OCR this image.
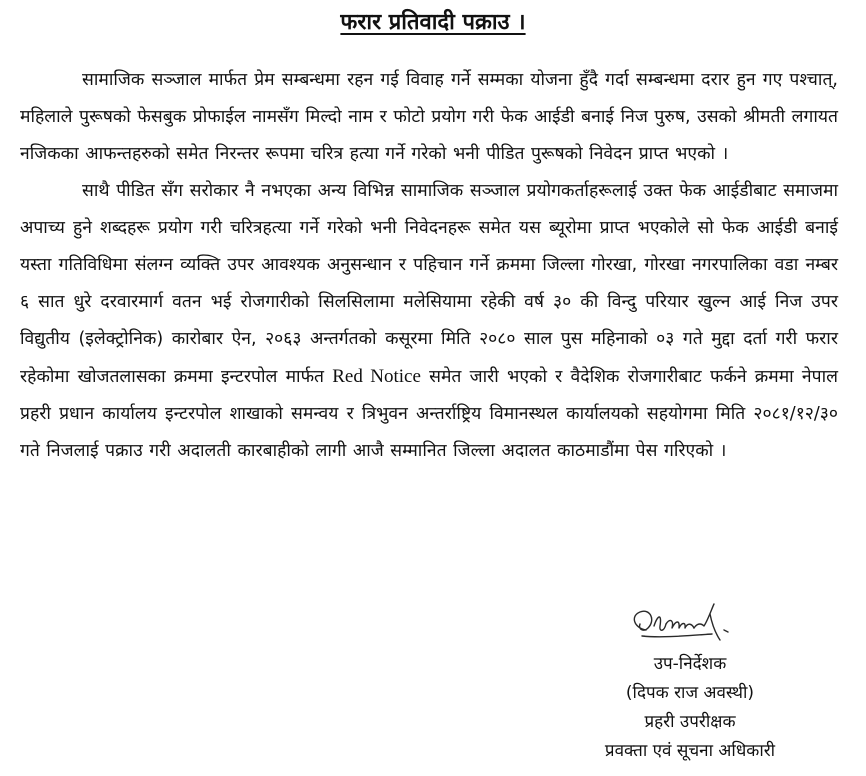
फरार प्रतिवादी पक्राउ ।

सामाजिक सञ्जाल मार्फत प्रेम सम्बन्धमा रहन गई विवाह गर्ने सम्मका योजना हुँदै गर्दा सम्बन्धमा दरार हुन गए पश्चात्, महिलाले पुरूषको फेसबुक प्रोफाईल नामसँग मिल्दो नाम र फोटो प्रयोग गरी फेक आईडी बनाई निज पुरुष, उसको श्रीमती लगायत नजिकका आफन्तहरुको समेत निरन्तर रूपमा चरित्र हत्या गर्ने गरेको भनी पीडित पुरूषको निवेदन प्राप्त भएको ।

साथै पीडित सँग सरोकार नै नभएका अन्य विभिन्न सामाजिक सञ्जाल प्रयोगकर्ताहरूलाई उक्त फेक आईडीबाट समाजमा अपाच्य हुने शब्दहरू प्रयोग गरी चरित्रहत्या गर्ने गरेको भनी निवेदनहरू समेत यस ब्यूरोमा प्राप्त भएकोले सो फेक आईडी बनाई यस्ता गतिविधिमा संलग्न व्यक्ति उपर आवश्यक अनुसन्धान र पहिचान गर्ने क्रममा जिल्ला गोरखा, गोरखा नगरपालिका वडा नम्बर ६ सात धुरे दरवारमार्ग वतन भई रोजगारीको सिलसिलामा मलेसियामा रहेकी वर्ष ३० की विन्दु परियार खुल्न आई निज उपर विद्युतीय (इलेक्ट्रोनिक) कारोबार ऐन, २०६३ अन्तर्गतको कसूरमा मिति २०८० साल पुस महिनाको ०३ गते मुद्दा दर्ता गरी फरार रहेकोमा खोजतलासका क्रममा इन्टरपोल मार्फत Red Notice समेत जारी भएको र वैदेशिक रोजगारीबाट फर्कने क्रममा नेपाल प्रहरी प्रधान कार्यालय इन्टरपोल शाखाको समन्वय र त्रिभुवन अन्तर्राष्ट्रिय विमानस्थल कार्यालयको सहयोगमा मिति २०८१/१२/३० गते निजलाई पक्राउ गरी अदालती कारबाहीको लागी आजै सम्मानित जिल्ला अदालत काठमाडौंमा पेस गरिएको ।

उप-निर्देशक
(दिपक राज अवस्थी)
प्रहरी उपरीक्षक
प्रवक्ता एवं सूचना अधिकारी
